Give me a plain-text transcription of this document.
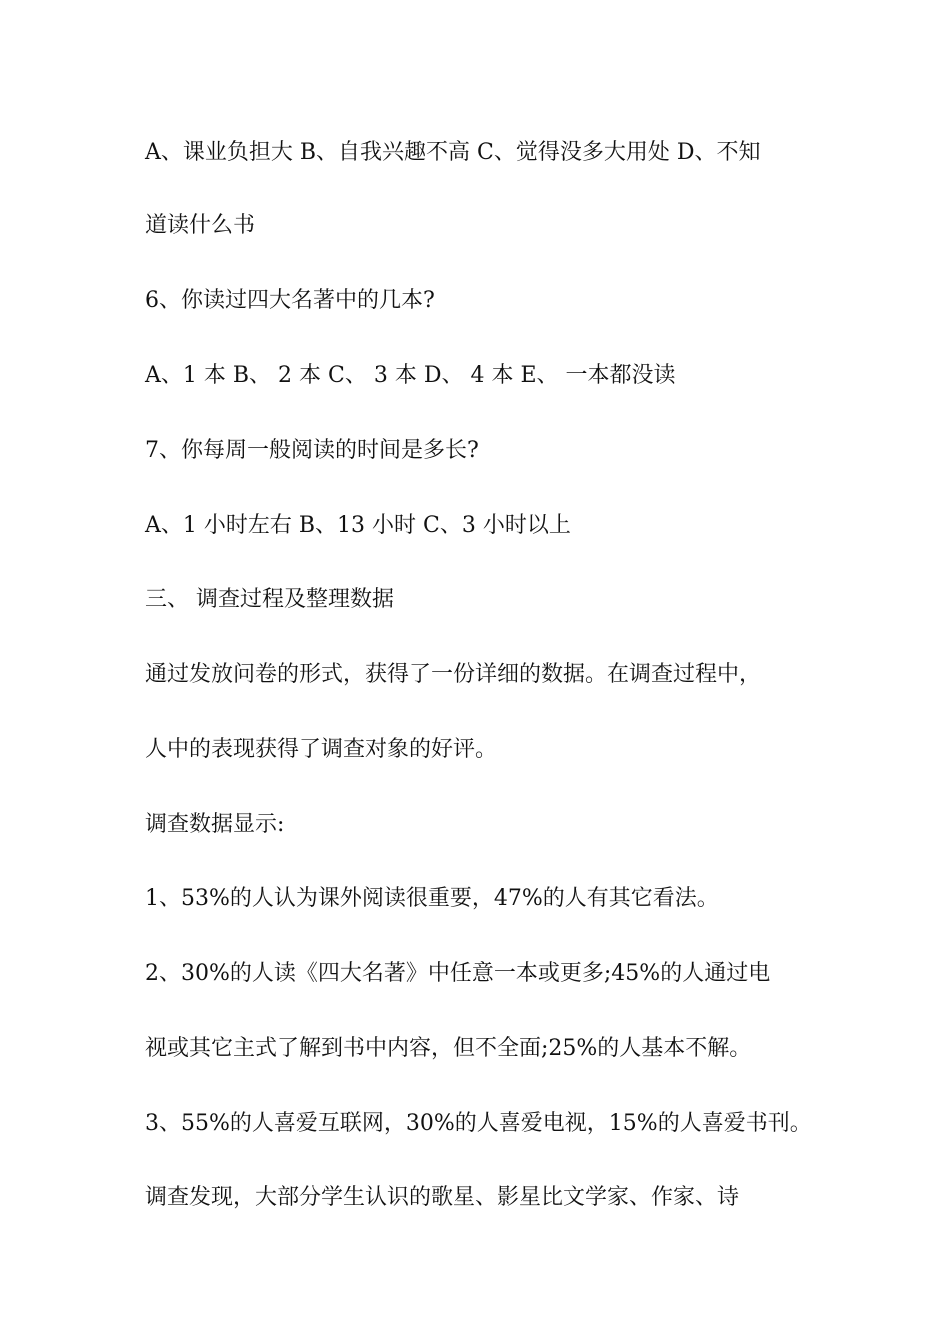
A、课业负担大 B、自我兴趣不高 C、觉得没多大用处 D、不知
道读什么书
6、你读过四大名著中的几本?
A、1 本 B、 2 本 C、 3 本 D、 4 本 E、 一本都没读
7、你每周一般阅读的时间是多长?
A、1 小时左右 B、13 小时 C、3 小时以上
三、 调查过程及整理数据
通过发放问卷的形式，获得了一份详细的数据。在调查过程中，
人中的表现获得了调查对象的好评。
调查数据显示:
1、53%的人认为课外阅读很重要，47%的人有其它看法。
2、30%的人读《四大名著》中任意一本或更多;45%的人通过电
视或其它主式了解到书中内容，但不全面;25%的人基本不解。
3、55%的人喜爱互联网，30%的人喜爱电视，15%的人喜爱书刊。
调查发现，大部分学生认识的歌星、影星比文学家、作家、诗
